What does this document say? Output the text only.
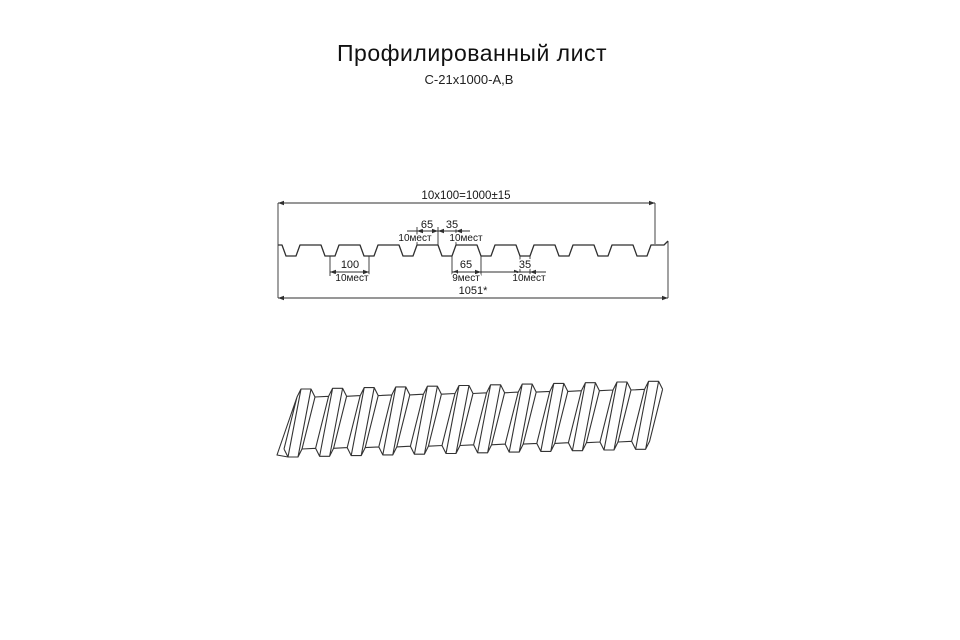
Профилированный лист
С-21х1000-А,В
10x100=1000±15
65
10мест
35
10мест
100
10мест
65
9мест
35
10мест
1051*
